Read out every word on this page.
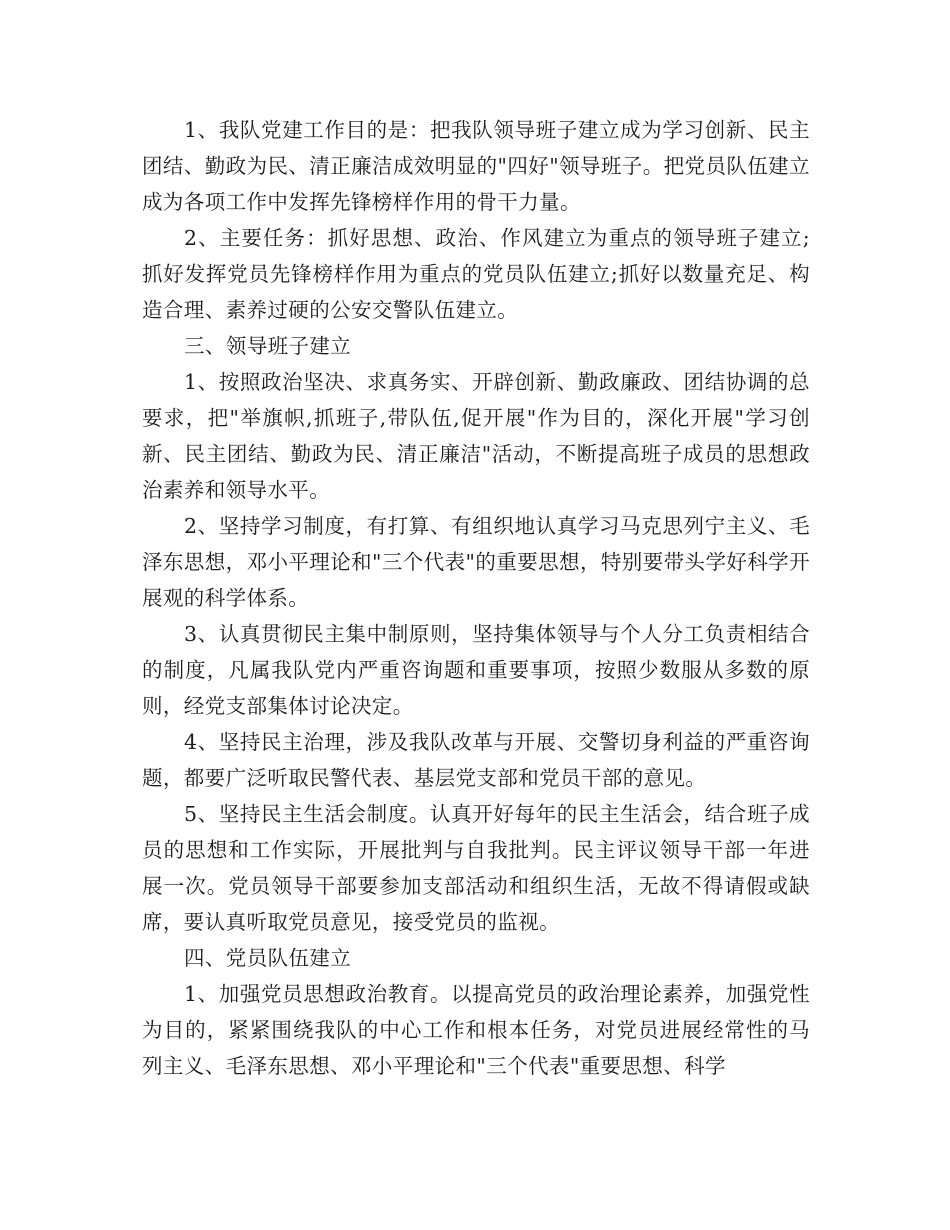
1、我队党建工作目的是：把我队领导班子建立成为学习创新、民主团结、勤政为民、清正廉洁成效明显的"四好"领导班子。把党员队伍建立成为各项工作中发挥先锋榜样作用的骨干力量。

2、主要任务：抓好思想、政治、作风建立为重点的领导班子建立;抓好发挥党员先锋榜样作用为重点的党员队伍建立;抓好以数量充足、构造合理、素养过硬的公安交警队伍建立。

三、领导班子建立

1、按照政治坚决、求真务实、开辟创新、勤政廉政、团结协调的总要求，把"举旗帜,抓班子,带队伍,促开展"作为目的，深化开展"学习创新、民主团结、勤政为民、清正廉洁"活动，不断提高班子成员的思想政治素养和领导水平。

2、坚持学习制度，有打算、有组织地认真学习马克思列宁主义、毛泽东思想，邓小平理论和"三个代表"的重要思想，特别要带头学好科学开展观的科学体系。

3、认真贯彻民主集中制原则，坚持集体领导与个人分工负责相结合的制度，凡属我队党内严重咨询题和重要事项，按照少数服从多数的原则，经党支部集体讨论决定。

4、坚持民主治理，涉及我队改革与开展、交警切身利益的严重咨询题，都要广泛听取民警代表、基层党支部和党员干部的意见。

5、坚持民主生活会制度。认真开好每年的民主生活会，结合班子成员的思想和工作实际，开展批判与自我批判。民主评议领导干部一年进展一次。党员领导干部要参加支部活动和组织生活，无故不得请假或缺席，要认真听取党员意见，接受党员的监视。

四、党员队伍建立

1、加强党员思想政治教育。以提高党员的政治理论素养，加强党性为目的，紧紧围绕我队的中心工作和根本任务，对党员进展经常性的马列主义、毛泽东思想、邓小平理论和"三个代表"重要思想、科学
